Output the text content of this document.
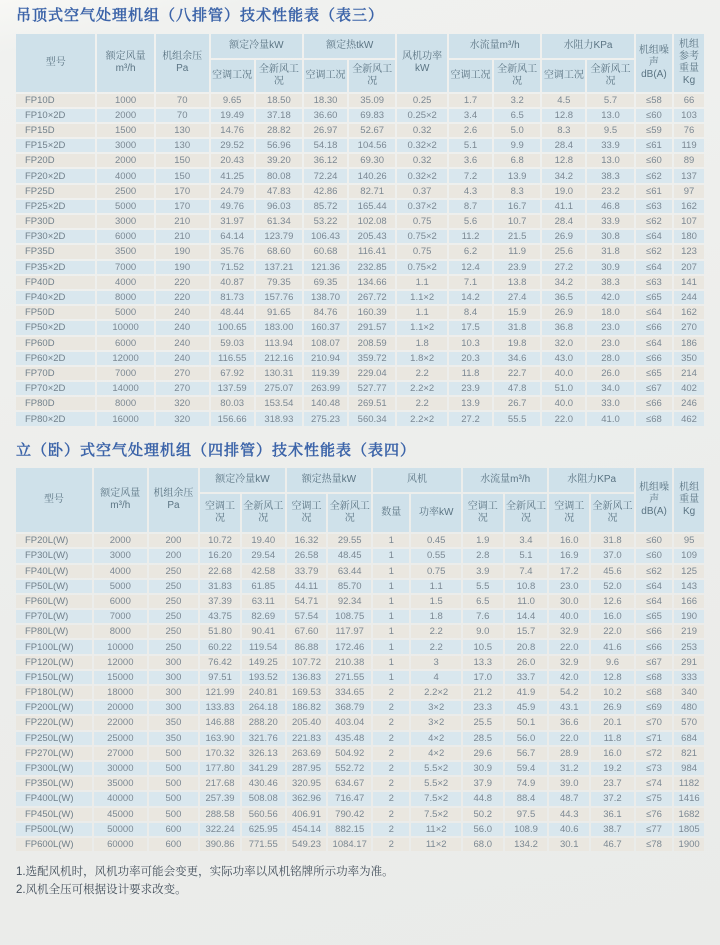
吊顶式空气处理机组（八排管）技术性能表（表三）
型号	额定风量 m³/h	机组余压 Pa	额定冷量kW		额定热tkW		风机功率 kW	水流量m³/h		水阻力KPa		机组噪声 dB(A)	机组参考重量 Kg
			空调工况	全新风工况	空调工况	全新风工况		空调工况	全新风工况	空调工况	全新风工况		
FP10D	1000	70	9.65	18.50	18.30	35.09	0.25	1.7	3.2	4.5	5.7	≤58	66
FP10×2D	2000	70	19.49	37.18	36.60	69.83	0.25×2	3.4	6.5	12.8	13.0	≤60	103
FP15D	1500	130	14.76	28.82	26.97	52.67	0.32	2.6	5.0	8.3	9.5	≤59	76
FP15×2D	3000	130	29.52	56.96	54.18	104.56	0.32×2	5.1	9.9	28.4	33.9	≤61	119
FP20D	2000	150	20.43	39.20	36.12	69.30	0.32	3.6	6.8	12.8	13.0	≤60	89
FP20×2D	4000	150	41.25	80.08	72.24	140.26	0.32×2	7.2	13.9	34.2	38.3	≤62	137
FP25D	2500	170	24.79	47.83	42.86	82.71	0.37	4.3	8.3	19.0	23.2	≤61	97
FP25×2D	5000	170	49.76	96.03	85.72	165.44	0.37×2	8.7	16.7	41.1	46.8	≤63	162
FP30D	3000	210	31.97	61.34	53.22	102.08	0.75	5.6	10.7	28.4	33.9	≤62	107
FP30×2D	6000	210	64.14	123.79	106.43	205.43	0.75×2	11.2	21.5	26.9	30.8	≤64	180
FP35D	3500	190	35.76	68.60	60.68	116.41	0.75	6.2	11.9	25.6	31.8	≤62	123
FP35×2D	7000	190	71.52	137.21	121.36	232.85	0.75×2	12.4	23.9	27.2	30.9	≤64	207
FP40D	4000	220	40.87	79.35	69.35	134.66	1.1	7.1	13.8	34.2	38.3	≤63	141
FP40×2D	8000	220	81.73	157.76	138.70	267.72	1.1×2	14.2	27.4	36.5	42.0	≤65	244
FP50D	5000	240	48.44	91.65	84.76	160.39	1.1	8.4	15.9	26.9	18.0	≤64	162
FP50×2D	10000	240	100.65	183.00	160.37	291.57	1.1×2	17.5	31.8	36.8	23.0	≤66	270
FP60D	6000	240	59.03	113.94	108.07	208.59	1.8	10.3	19.8	32.0	23.0	≤64	186
FP60×2D	12000	240	116.55	212.16	210.94	359.72	1.8×2	20.3	34.6	43.0	28.0	≤66	350
FP70D	7000	270	67.92	130.31	119.39	229.04	2.2	11.8	22.7	40.0	26.0	≤65	214
FP70×2D	14000	270	137.59	275.07	263.99	527.77	2.2×2	23.9	47.8	51.0	34.0	≤67	402
FP80D	8000	320	80.03	153.54	140.48	269.51	2.2	13.9	26.7	40.0	33.0	≤66	246
FP80×2D	16000	320	156.66	318.93	275.23	560.34	2.2×2	27.2	55.5	22.0	41.0	≤68	462
立（卧）式空气处理机组（四排管）技术性能表（表四）
型号	额定风量 m³/h	机组余压 Pa	额定冷量kW		额定热量kW		风机		水流量m³/h		水阻力KPa		机组噪声 dB(A)	机组重量 Kg
			空调工况	全新风工况	空调工况	全新风工况	数量	功率kW	空调工况	全新风工况	空调工况	全新风工况		
FP20L(W)	2000	200	10.72	19.40	16.32	29.55	1	0.45	1.9	3.4	16.0	31.8	≤60	95
FP30L(W)	3000	200	16.20	29.54	26.58	48.45	1	0.55	2.8	5.1	16.9	37.0	≤60	109
FP40L(W)	4000	250	22.68	42.58	33.79	63.44	1	0.75	3.9	7.4	17.2	45.6	≤62	125
FP50L(W)	5000	250	31.83	61.85	44.11	85.70	1	1.1	5.5	10.8	23.0	52.0	≤64	143
FP60L(W)	6000	250	37.39	63.11	54.71	92.34	1	1.5	6.5	11.0	30.0	12.6	≤64	166
FP70L(W)	7000	250	43.75	82.69	57.54	108.75	1	1.8	7.6	14.4	40.0	16.0	≤65	190
FP80L(W)	8000	250	51.80	90.41	67.60	117.97	1	2.2	9.0	15.7	32.9	22.0	≤66	219
FP100L(W)	10000	250	60.22	119.54	86.88	172.46	1	2.2	10.5	20.8	22.0	41.6	≤66	253
FP120L(W)	12000	300	76.42	149.25	107.72	210.38	1	3	13.3	26.0	32.9	9.6	≤67	291
FP150L(W)	15000	300	97.51	193.52	136.83	271.55	1	4	17.0	33.7	42.0	12.8	≤68	333
FP180L(W)	18000	300	121.99	240.81	169.53	334.65	2	2.2×2	21.2	41.9	54.2	10.2	≤68	340
FP200L(W)	20000	300	133.83	264.18	186.82	368.79	2	3×2	23.3	45.9	43.1	26.9	≤69	480
FP220L(W)	22000	350	146.88	288.20	205.40	403.04	2	3×2	25.5	50.1	36.6	20.1	≤70	570
FP250L(W)	25000	350	163.90	321.76	221.83	435.48	2	4×2	28.5	56.0	22.0	11.8	≤71	684
FP270L(W)	27000	500	170.32	326.13	263.69	504.92	2	4×2	29.6	56.7	28.9	16.0	≤72	821
FP300L(W)	30000	500	177.80	341.29	287.95	552.72	2	5.5×2	30.9	59.4	31.2	19.2	≤73	984
FP350L(W)	35000	500	217.68	430.46	320.95	634.67	2	5.5×2	37.9	74.9	39.0	23.7	≤74	1182
FP400L(W)	40000	500	257.39	508.08	362.96	716.47	2	7.5×2	44.8	88.4	48.7	37.2	≤75	1416
FP450L(W)	45000	500	288.58	560.56	406.91	790.42	2	7.5×2	50.2	97.5	44.3	36.1	≤76	1682
FP500L(W)	50000	600	322.24	625.95	454.14	882.15	2	11×2	56.0	108.9	40.6	38.7	≤77	1805
FP600L(W)	60000	600	390.86	771.55	549.23	1084.17	2	11×2	68.0	134.2	30.1	46.7	≤78	1900

1.选配风机时，风机功率可能会变更，实际功率以风机铭牌所示功率为准。

2.风机全压可根据设计要求改变。
